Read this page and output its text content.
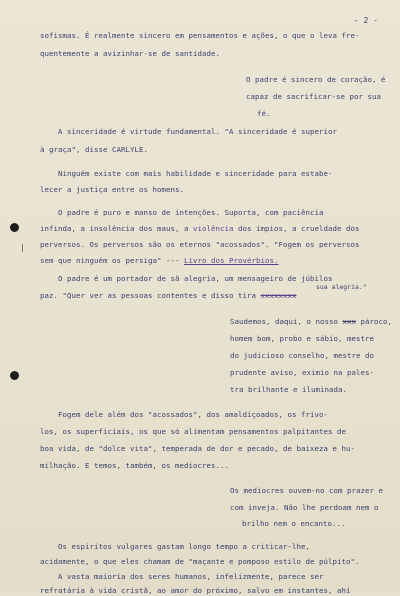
- 2 -
sofismas. É realmente sincero em pensamentos e ações, o que o leva fre-
quentemente a avizinhar-se de santidade.
O padre é sincero de coração, é
capaz de sacrificar-se por sua
fé.
A sinceridade é virtude fundamental. "A sinceridade é superior
à graça", disse CARLYLE.
Ninguém existe com mais habilidade e sinceridade para estabe-
lecer a justiça entre os homens.
O padre é puro e manso de intenções. Suporta, com paciência
infinda, a insolência dos maus, a violência dos ímpios, a crueldade dos
perversos. Os perversos são os eternos "acossados". "Fogem os perversos
sem que ninguém os persiga" --- Livro dos Provérbios.
O padre é um portador de sã alegria, um mensageiro de júbilos
sua alegria."
paz. "Quer ver as pessoas contentes e disso tira xxxxxxxx
Saudemos, daqui, o nosso xxx pároco,
homem bom, probo e sábio, mestre
do judicioso conselho, mestre do
prudente aviso, eximio na pales-
tra brilhante e iluminada.
Fogem dele além dos "acossados", dos amaldiçoados, os frivo-
los, os superficiais, os que só alimentam pensamentos palpitantes de
boa vida, de "dolce vita", temperada de dor e pecado, de baixeza e hu-
milhação. E temos, também, os mediocres...
Os mediocres ouvem-no com prazer e
com inveja. Não lhe perdoam nem o
brilho nem o encanto...
Os espíritos vulgares gastam longo tempo a criticar-lhe,
acidamente, o que eles chamam de "maçante e pomposo estilo de púlpito".
A vasta maioria dos seres humanos, infelizmente, parece ser
refratária à vida cristã, ao amor do próximo, salvo em instantes, ahi
